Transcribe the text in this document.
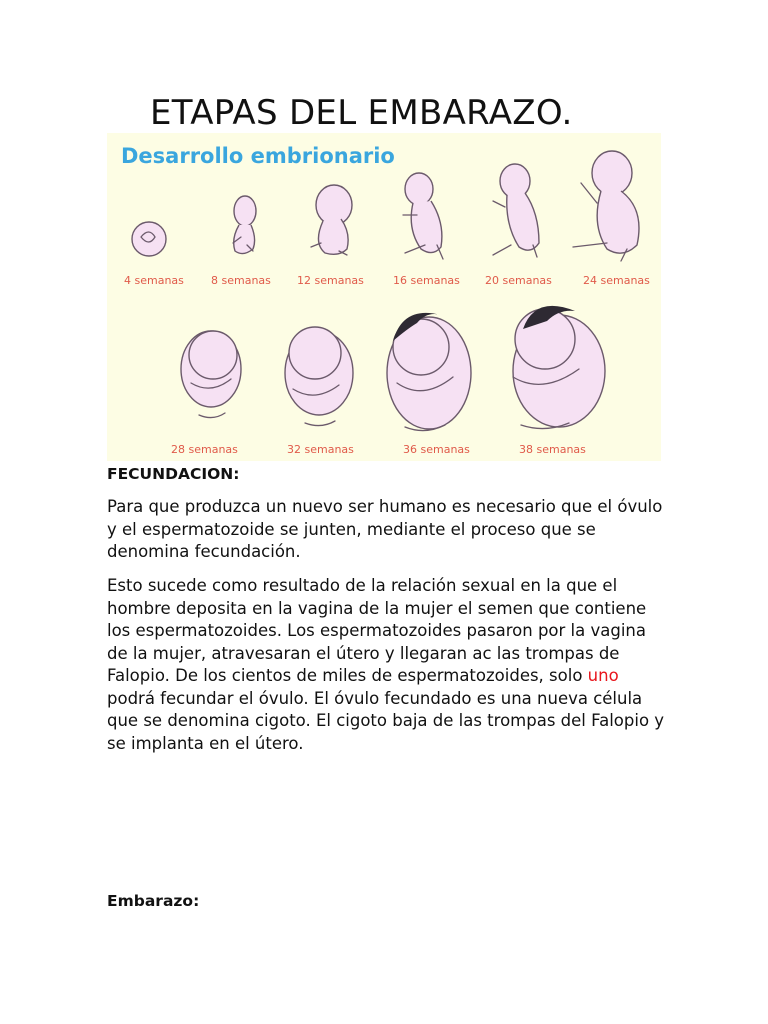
ETAPAS DEL EMBARAZO.
Desarrollo embrionario
4 semanas 8 semanas 12 semanas	16 semanas 20 semanas	24 semanas
28 semanas	32 semanas	36 semanas	38 semanas
FECUNDACION:

Para que produzca un nuevo ser humano es necesario que el óvulo y el espermatozoide se junten, mediante el proceso que se denomina fecundación.

Esto sucede como resultado de la relación sexual en la que el hombre deposita en la vagina de la mujer el semen que contiene los espermatozoides. Los espermatozoides pasaron por la vagina de la mujer, atravesaran el útero y llegaran ac las trompas de Falopio. De los cientos de miles de espermatozoides, solo uno podrá fecundar el óvulo. El óvulo fecundado es una nueva célula que se denomina cigoto. El cigoto baja de las trompas del Falopio y se implanta en el útero.

Embarazo:
